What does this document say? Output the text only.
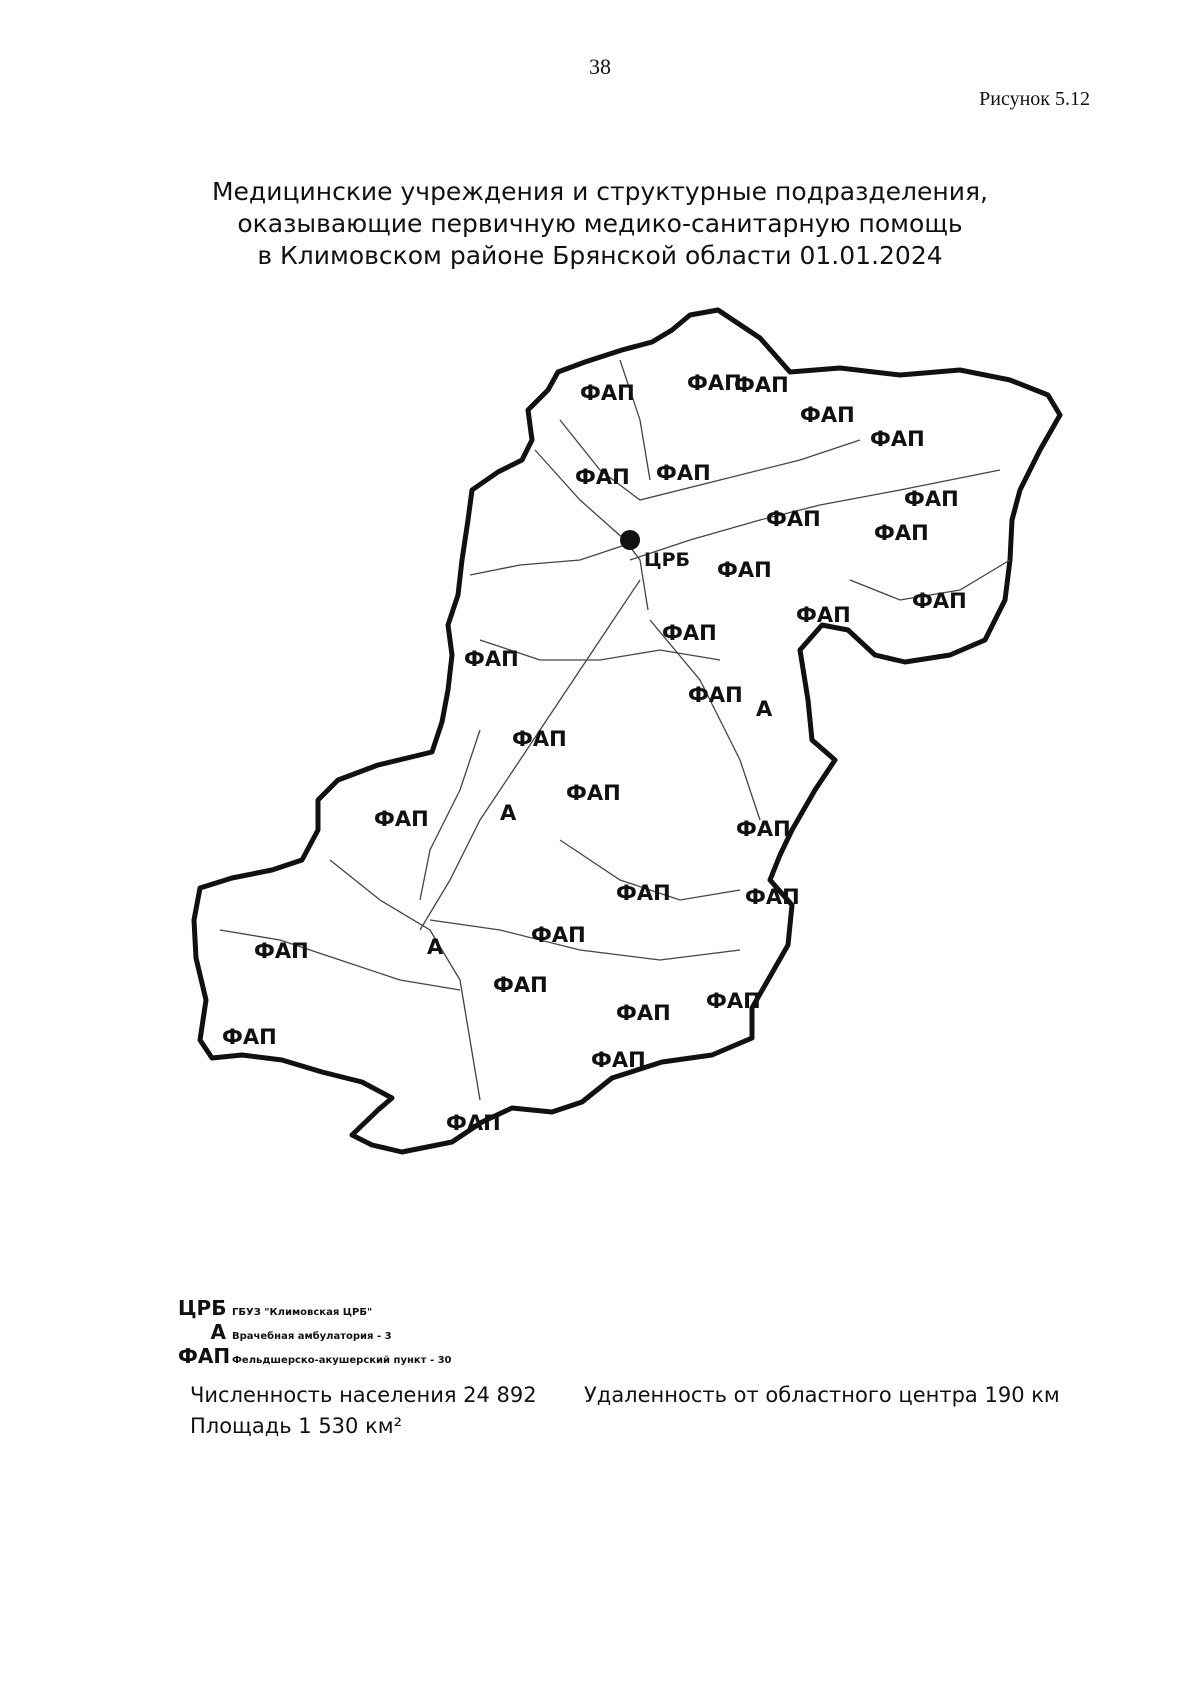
38
Рисунок 5.12
Медицинские учреждения и структурные подразделения,
оказывающие первичную медико-санитарную помощь
в Климовском районе Брянской области 01.01.2024
ЦРБ
ФАП ФАП
ФАП
ФАП
ФАП
ФАП ФАП
ФАП
ФАП
ФАП
ФАП
ФАП
ФАП
ФАП
ФАП
ФАП
ФАП
ФАП
ФАП	ФАП
ФАП	ФАП
ФАП
ФАП
ФАП
ФАП
ФАП
ФАП
ФАП
ФАП
А
А
А
ЦРБ ГБУЗ "Климовская ЦРБ"
А Врачебная амбулатория - 3
ФАП Фельдшерско-акушерский пункт - 30
Численность населения 24 892
Площадь 1 530 км²
Удаленность от областного центра 190 км
